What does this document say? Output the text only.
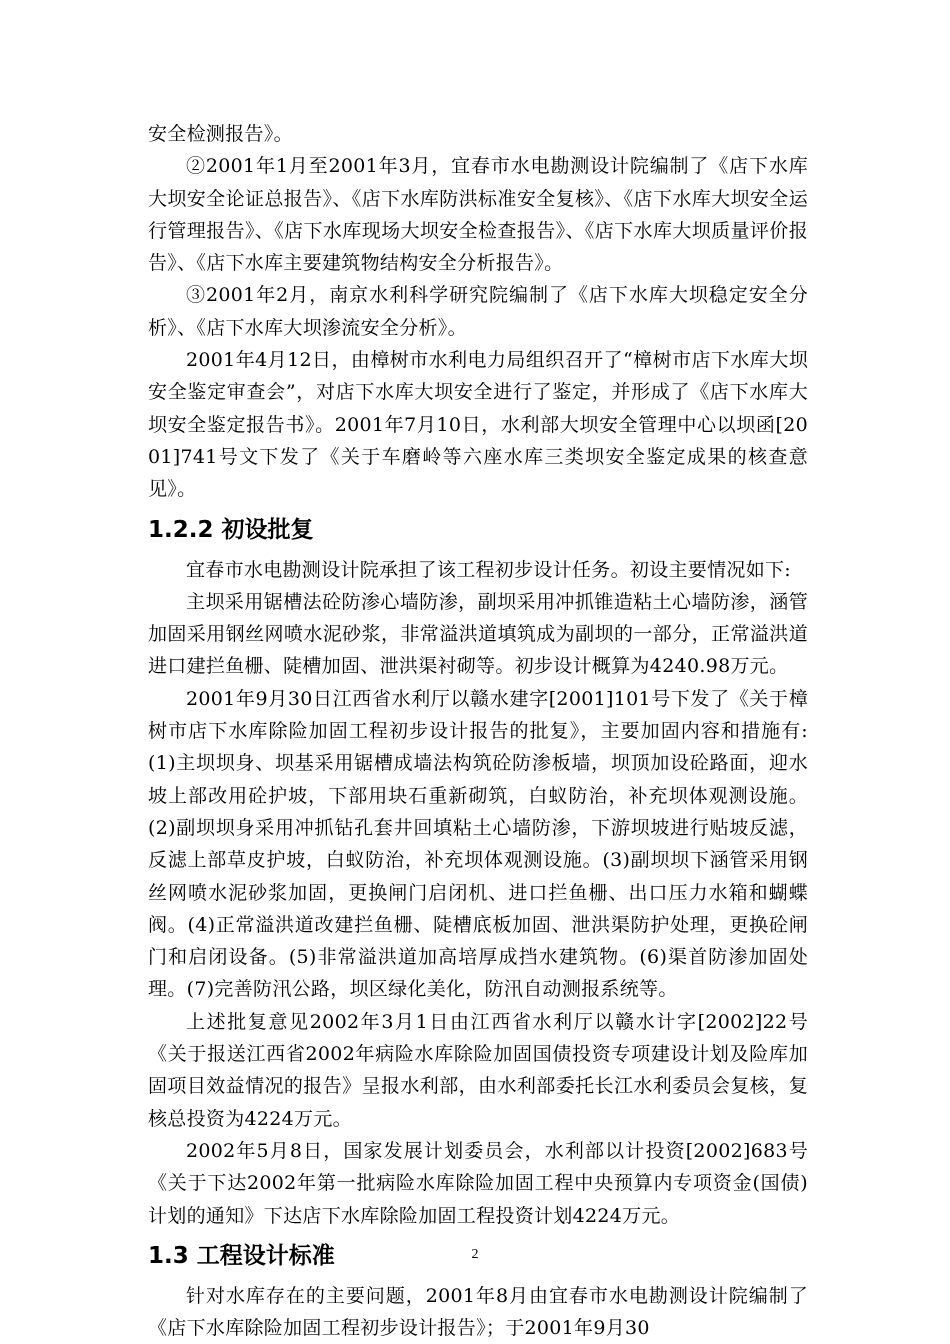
安全检测报告》。

②2001年1月至2001年3月，宜春市水电勘测设计院编制了《店下水库大坝安全论证总报告》、《店下水库防洪标准安全复核》、《店下水库大坝安全运行管理报告》、《店下水库现场大坝安全检查报告》、《店下水库大坝质量评价报告》、《店下水库主要建筑物结构安全分析报告》。

③2001年2月，南京水利科学研究院编制了《店下水库大坝稳定安全分析》、《店下水库大坝渗流安全分析》。

2001年4月12日，由樟树市水利电力局组织召开了“樟树市店下水库大坝安全鉴定审查会”，对店下水库大坝安全进行了鉴定，并形成了《店下水库大坝安全鉴定报告书》。2001年7月10日，水利部大坝安全管理中心以坝函[2001]741号文下发了《关于车磨岭等六座水库三类坝安全鉴定成果的核查意见》。

1.2.2 初设批复

宜春市水电勘测设计院承担了该工程初步设计任务。初设主要情况如下:

主坝采用锯槽法砼防渗心墙防渗，副坝采用冲抓锥造粘土心墙防渗，涵管加固采用钢丝网喷水泥砂浆，非常溢洪道填筑成为副坝的一部分，正常溢洪道进口建拦鱼栅、陡槽加固、泄洪渠衬砌等。初步设计概算为4240.98万元。

2001年9月30日江西省水利厅以赣水建字[2001]101号下发了《关于樟树市店下水库除险加固工程初步设计报告的批复》，主要加固内容和措施有:(1)主坝坝身、坝基采用锯槽成墙法构筑砼防渗板墙，坝顶加设砼路面，迎水坡上部改用砼护坡，下部用块石重新砌筑，白蚁防治，补充坝体观测设施。(2)副坝坝身采用冲抓钻孔套井回填粘土心墙防渗，下游坝坡进行贴坡反滤，反滤上部草皮护坡，白蚁防治，补充坝体观测设施。(3)副坝坝下涵管采用钢丝网喷水泥砂浆加固，更换闸门启闭机、进口拦鱼栅、出口压力水箱和蝴蝶阀。(4)正常溢洪道改建拦鱼栅、陡槽底板加固、泄洪渠防护处理，更换砼闸门和启闭设备。(5)非常溢洪道加高培厚成挡水建筑物。(6)渠首防渗加固处理。(7)完善防汛公路，坝区绿化美化，防汛自动测报系统等。

上述批复意见2002年3月1日由江西省水利厅以赣水计字[2002]22号《关于报送江西省2002年病险水库除险加固国债投资专项建设计划及险库加固项目效益情况的报告》呈报水利部，由水利部委托长江水利委员会复核，复核总投资为4224万元。

2002年5月8日，国家发展计划委员会，水利部以计投资[2002]683号《关于下达2002年第一批病险水库除险加固工程中央预算内专项资金(国债)计划的通知》下达店下水库除险加固工程投资计划4224万元。

1.3 工程设计标准

针对水库存在的主要问题，2001年8月由宜春市水电勘测设计院编制了《店下水库除险加固工程初步设计报告》；于2001年9月30

2
